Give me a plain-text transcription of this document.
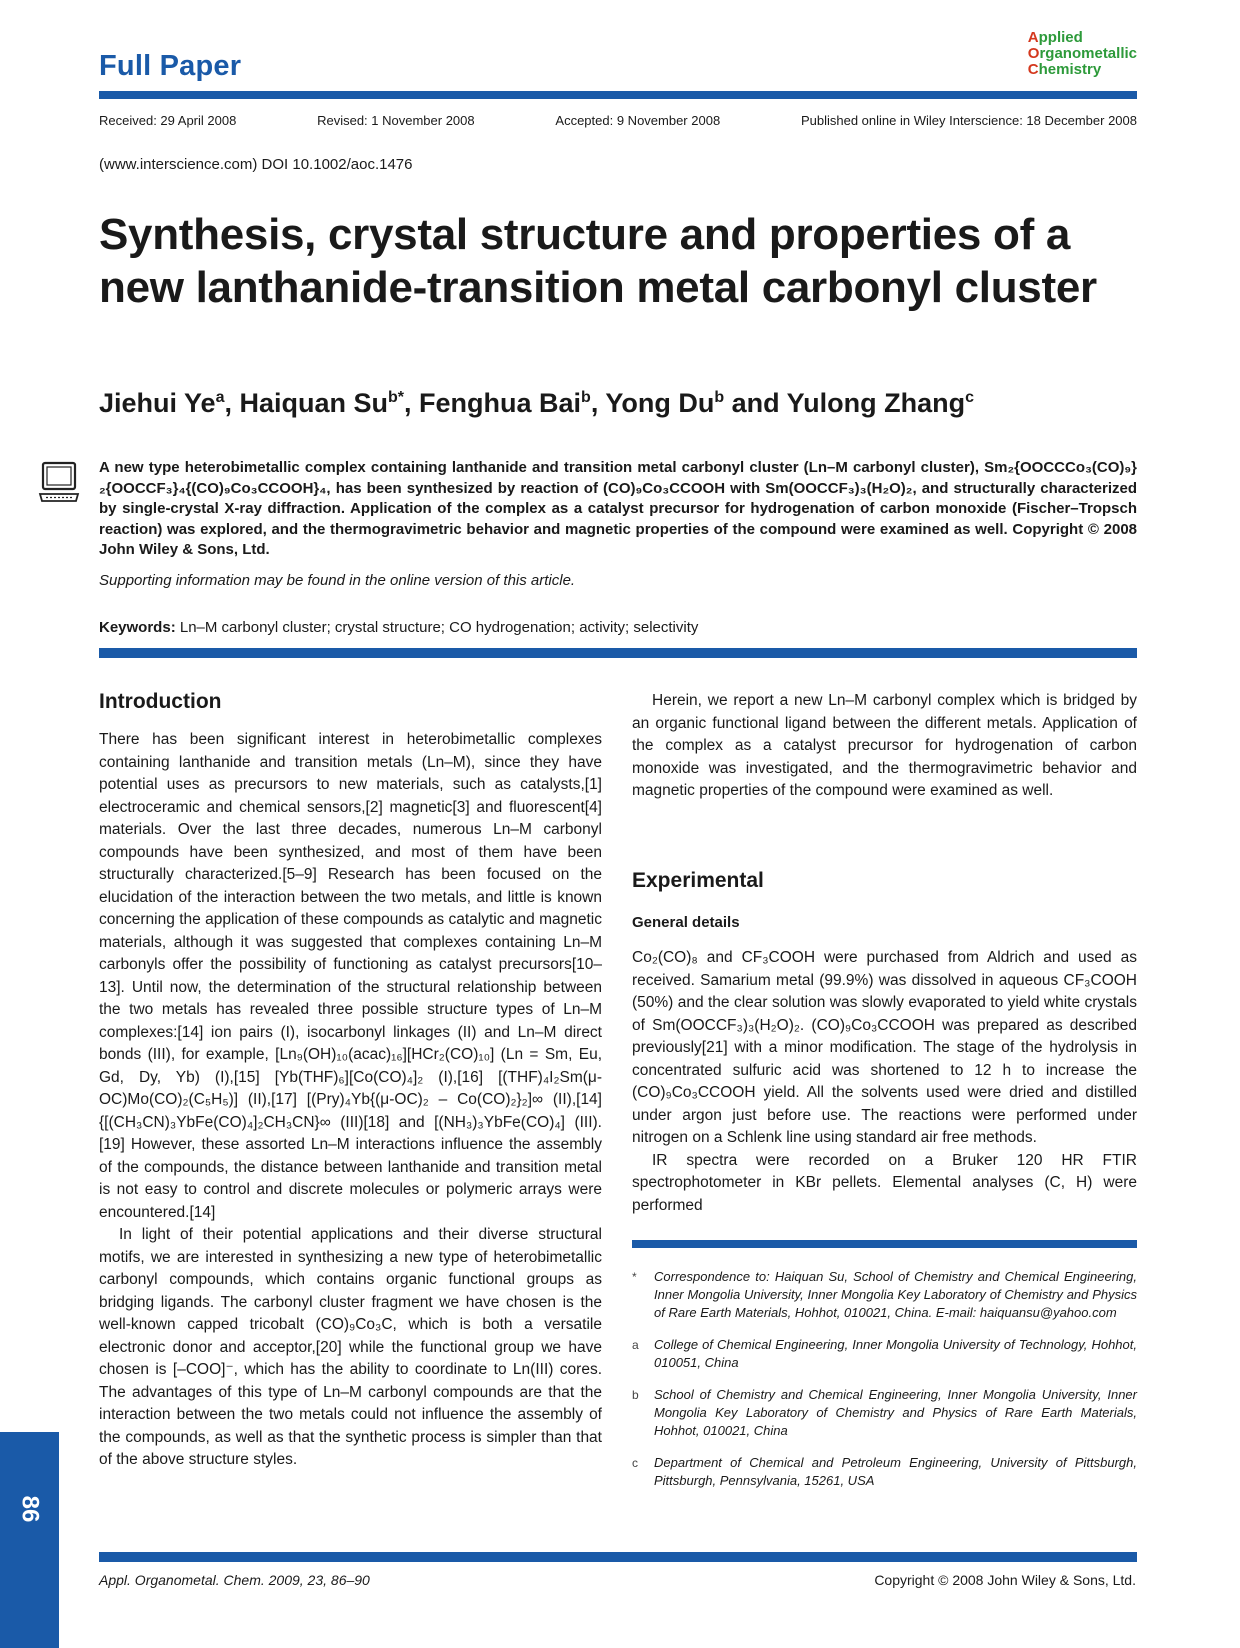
Full Paper
Applied
Organometallic
Chemistry
Received: 29 April 2008	Revised: 1 November 2008	Accepted: 9 November 2008	Published online in Wiley Interscience: 18 December 2008
(www.interscience.com) DOI 10.1002/aoc.1476
Synthesis, crystal structure and properties of a new lanthanide-transition metal carbonyl cluster
Jiehui Ye$^a$, Haiquan $Su^{b*}$, Fenghua Bai$^b$, Yong Du$^b$ and Yulong Zhang$^c$
A new type heterobimetallic complex containing lanthanide and transition metal carbonyl cluster (Ln–M carbonyl cluster), Sm₂{OOCCCo₃(CO)₉}₂{OOCCF₃}₄{(CO)₉Co₃CCOOH}₄, has been synthesized by reaction of (CO)₉Co₃CCOOH with Sm(OOCCF₃)₃(H₂O)₂, and structurally characterized by single-crystal X-ray diffraction. Application of the complex as a catalyst precursor for hydrogenation of carbon monoxide (Fischer–Tropsch reaction) was explored, and the thermogravimetric behavior and magnetic properties of the compound were examined as well. Copyright © 2008 John Wiley & Sons, Ltd.
Supporting information may be found in the online version of this article.
Keywords: Ln–M carbonyl cluster; crystal structure; CO hydrogenation; activity; selectivity
Introduction

There has been significant interest in heterobimetallic complexes containing lanthanide and transition metals (Ln–M), since they have potential uses as precursors to new materials, such as catalysts,[1] electroceramic and chemical sensors,[2] magnetic[3] and fluorescent[4] materials. Over the last three decades, numerous Ln–M carbonyl compounds have been synthesized, and most of them have been structurally characterized.[5–9] Research has been focused on the elucidation of the interaction between the two metals, and little is known concerning the application of these compounds as catalytic and magnetic materials, although it was suggested that complexes containing Ln–M carbonyls offer the possibility of functioning as catalyst precursors[10–13]. Until now, the determination of the structural relationship between the two metals has revealed three possible structure types of Ln–M complexes:[14] ion pairs (I), isocarbonyl linkages (II) and Ln–M direct bonds (III), for example, [Ln₉(OH)₁₀(acac)₁₆][HCr₂(CO)₁₀] (Ln = Sm, Eu, Gd, Dy, Yb) (I),[15] [Yb(THF)₆][Co(CO)₄]₂ (I),[16] [(THF)₄I₂Sm(μ-OC)Mo(CO)₂(C₅H₅)] (II),[17] [(Pry)₄Yb{(μ-OC)₂ – Co(CO)₂}₂]∞ (II),[14] {[(CH₃CN)₃YbFe(CO)₄]₂CH₃CN}∞ (III)[18] and [(NH₃)₃YbFe(CO)₄] (III).[19] However, these assorted Ln–M interactions influence the assembly of the compounds, the distance between lanthanide and transition metal is not easy to control and discrete molecules or polymeric arrays were encountered.[14]

In light of their potential applications and their diverse structural motifs, we are interested in synthesizing a new type of heterobimetallic carbonyl compounds, which contains organic functional groups as bridging ligands. The carbonyl cluster fragment we have chosen is the well-known capped tricobalt (CO)₉Co₃C, which is both a versatile electronic donor and acceptor,[20] while the functional group we have chosen is [–COO]⁻, which has the ability to coordinate to Ln(III) cores. The advantages of this type of Ln–M carbonyl compounds are that the interaction between the two metals could not influence the assembly of the compounds, as well as that the synthetic process is simpler than that of the above structure styles.

Herein, we report a new Ln–M carbonyl complex which is bridged by an organic functional ligand between the different metals. Application of the complex as a catalyst precursor for hydrogenation of carbon monoxide was investigated, and the thermogravimetric behavior and magnetic properties of the compound were examined as well.

Experimental
General details

Co₂(CO)₈ and CF₃COOH were purchased from Aldrich and used as received. Samarium metal (99.9%) was dissolved in aqueous CF₃COOH (50%) and the clear solution was slowly evaporated to yield white crystals of Sm(OOCCF₃)₃(H₂O)₂. (CO)₉Co₃CCOOH was prepared as described previously[21] with a minor modification. The stage of the hydrolysis in concentrated sulfuric acid was shortened to 12 h to increase the (CO)₉Co₃CCOOH yield. All the solvents used were dried and distilled under argon just before use. The reactions were performed under nitrogen on a Schlenk line using standard air free methods.

IR spectra were recorded on a Bruker 120 HR FTIR spectrophotometer in KBr pellets. Elemental analyses (C, H) were performed

*	Correspondence to: Haiquan Su, School of Chemistry and Chemical Engineering, Inner Mongolia University, Inner Mongolia Key Laboratory of Chemistry and Physics of Rare Earth Materials, Hohhot, 010021, China. E-mail: haiquansu@yahoo.com
a	College of Chemical Engineering, Inner Mongolia University of Technology, Hohhot, 010051, China
b	School of Chemistry and Chemical Engineering, Inner Mongolia University, Inner Mongolia Key Laboratory of Chemistry and Physics of Rare Earth Materials, Hohhot, 010021, China
c	Department of Chemical and Petroleum Engineering, University of Pittsburgh, Pittsburgh, Pennsylvania, 15261, USA
86
Appl. Organometal. Chem. 2009, 23, 86–90	Copyright © 2008 John Wiley & Sons, Ltd.
